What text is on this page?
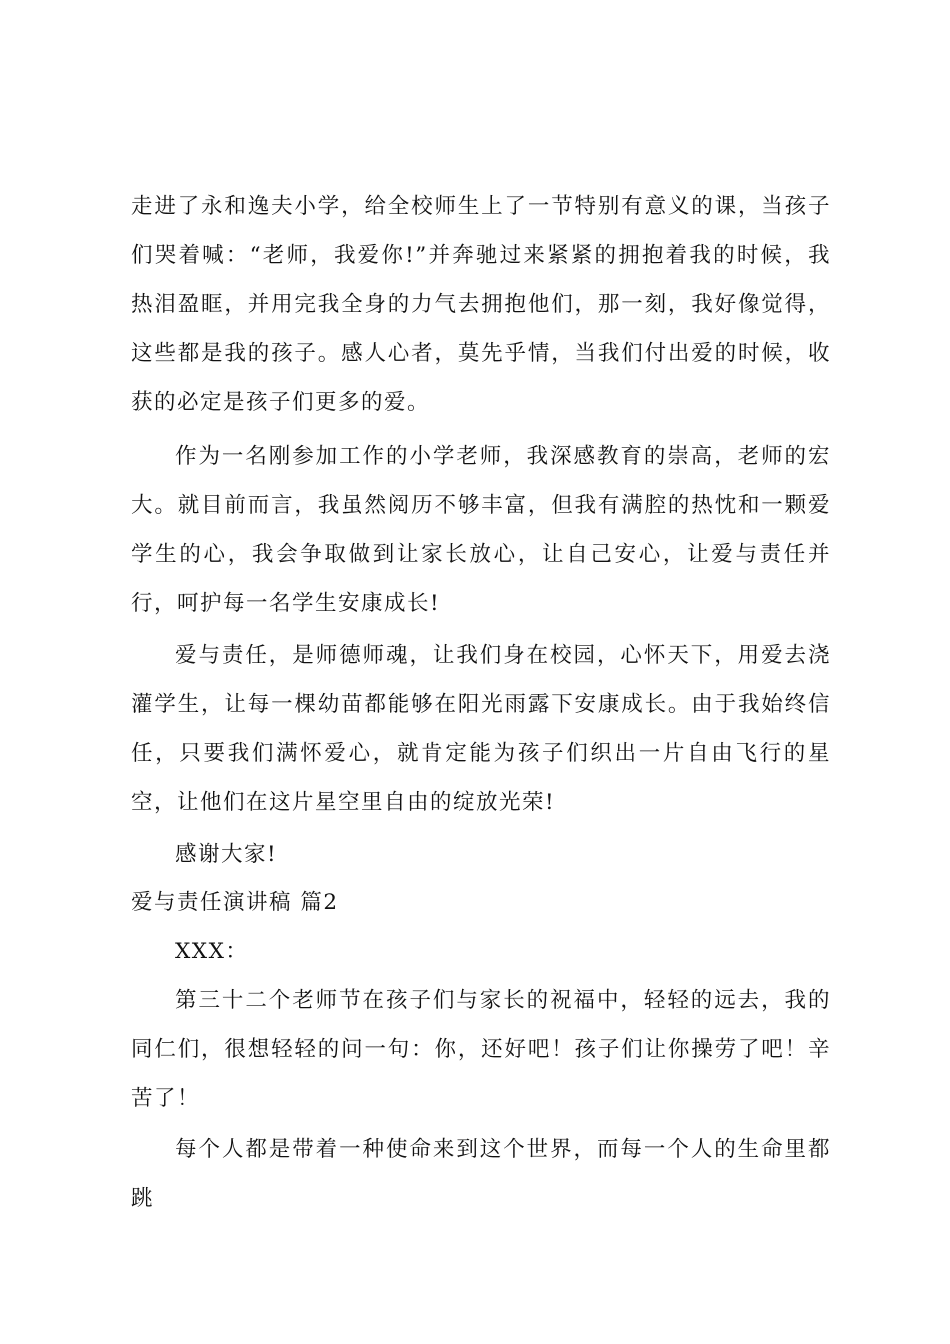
走进了永和逸夫小学，给全校师生上了一节特别有意义的课，当孩子们哭着喊：“老师，我爱你!”并奔驰过来紧紧的拥抱着我的时候，我热泪盈眶，并用完我全身的力气去拥抱他们，那一刻，我好像觉得，这些都是我的孩子。感人心者，莫先乎情，当我们付出爱的时候，收获的必定是孩子们更多的爱。
作为一名刚参加工作的小学老师，我深感教育的崇高，老师的宏大。就目前而言，我虽然阅历不够丰富，但我有满腔的热忱和一颗爱学生的心，我会争取做到让家长放心，让自己安心，让爱与责任并行，呵护每一名学生安康成长!
爱与责任，是师德师魂，让我们身在校园，心怀天下，用爱去浇灌学生，让每一棵幼苗都能够在阳光雨露下安康成长。由于我始终信任，只要我们满怀爱心，就肯定能为孩子们织出一片自由飞行的星空，让他们在这片星空里自由的绽放光荣!
感谢大家!
爱与责任演讲稿 篇2
XXX：
第三十二个老师节在孩子们与家长的祝福中，轻轻的远去，我的同仁们，很想轻轻的问一句：你，还好吧！孩子们让你操劳了吧！辛苦了！
每个人都是带着一种使命来到这个世界，而每一个人的生命里都跳
